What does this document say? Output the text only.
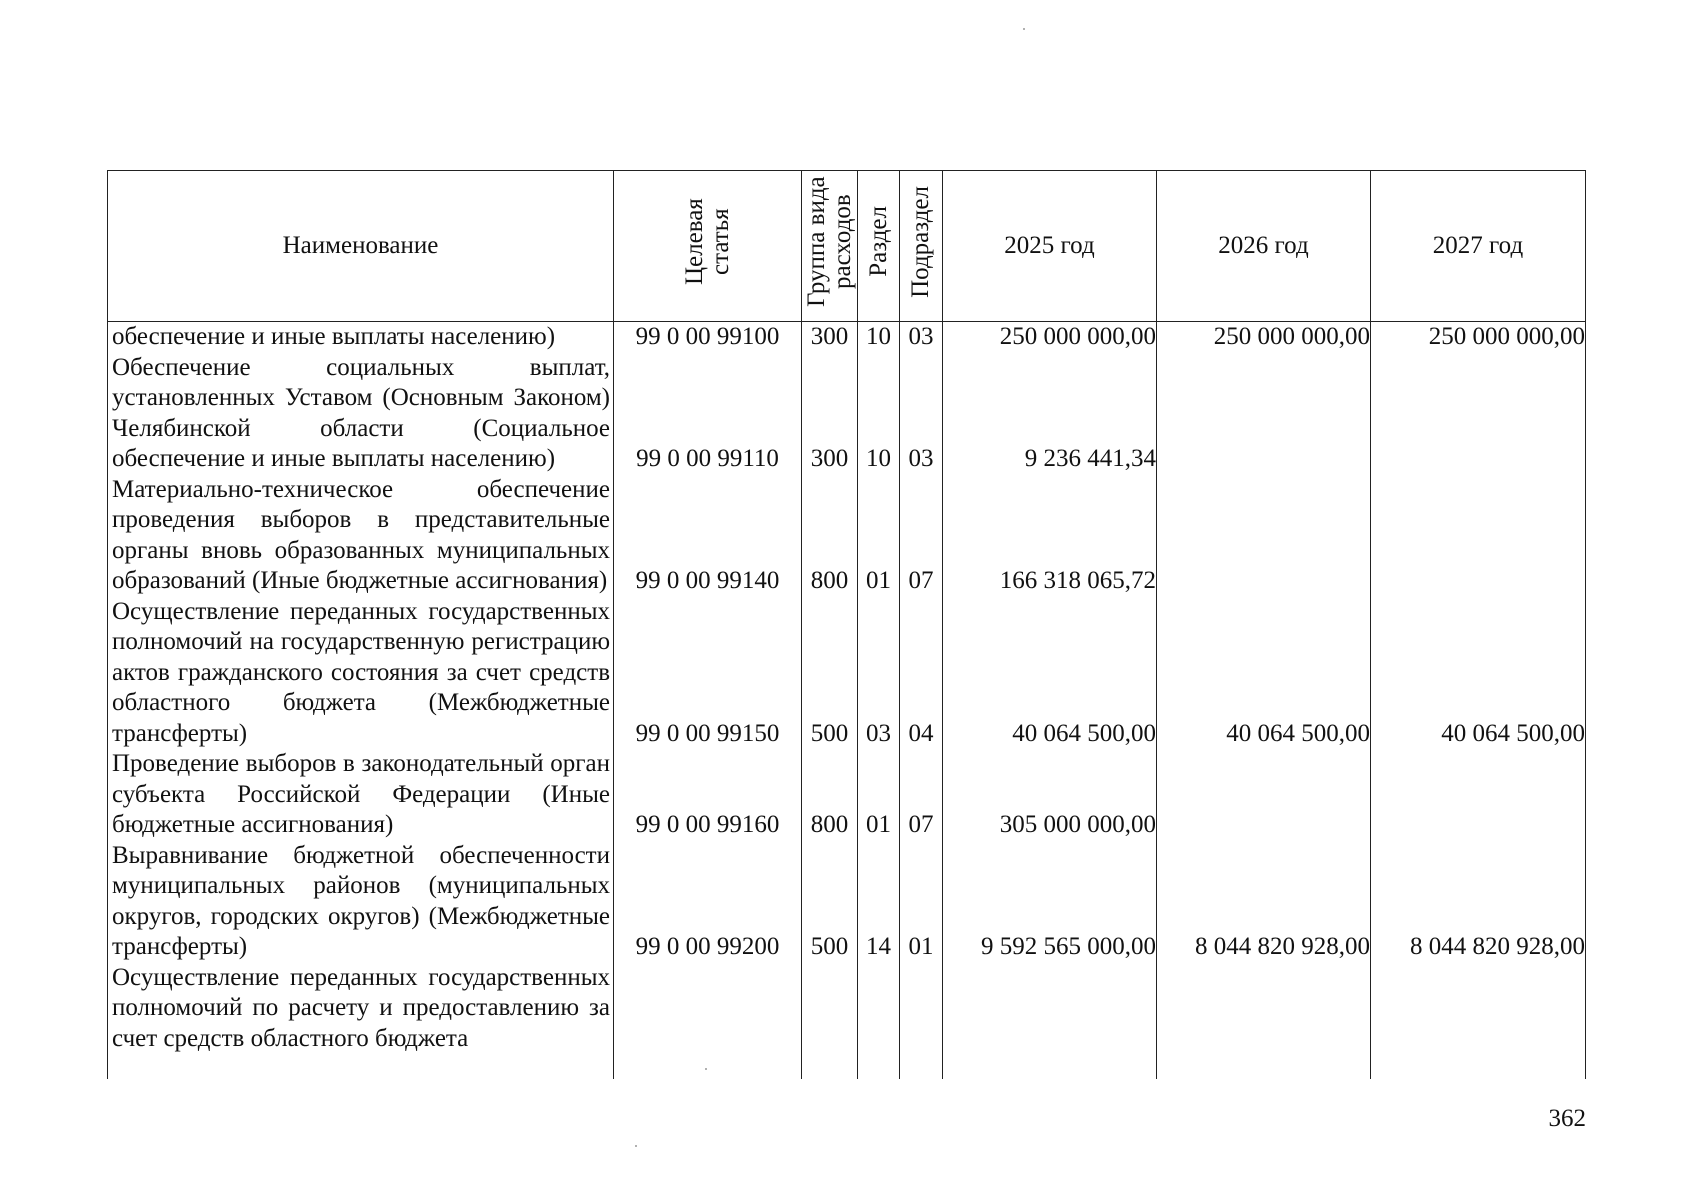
Наименование	Целевая статья	Группа вида расходов	Раздел	Подраздел	2025 год	2026 год	2027 год
обеспечение и иные выплаты населению)	99 0 00 99100	300	10	03	250 000 000,00	250 000 000,00	250 000 000,00
Обеспечение социальных выплат, установленных Уставом (Основным Законом) Челябинской области (Социальное обеспечение и иные выплаты населению)	99 0 00 99110	300	10	03	9 236 441,34		
Материально-техническое обеспечение проведения выборов в представительные органы вновь образованных муниципальных образований (Иные бюджетные ассигнования)	99 0 00 99140	800	01	07	166 318 065,72		
Осуществление переданных государственных полномочий на государственную регистрацию актов гражданского состояния за счет средств областного бюджета (Межбюджетные трансферты)	99 0 00 99150	500	03	04	40 064 500,00	40 064 500,00	40 064 500,00
Проведение выборов в законодательный орган субъекта Российской Федерации (Иные бюджетные ассигнования)	99 0 00 99160	800	01	07	305 000 000,00		
Выравнивание бюджетной обеспеченности муниципальных районов (муниципальных округов, городских округов) (Межбюджетные трансферты)	99 0 00 99200	500	14	01	9 592 565 000,00	8 044 820 928,00	8 044 820 928,00
Осуществление переданных государственных полномочий по расчету и предоставлению за счет средств областного бюджета							
362
